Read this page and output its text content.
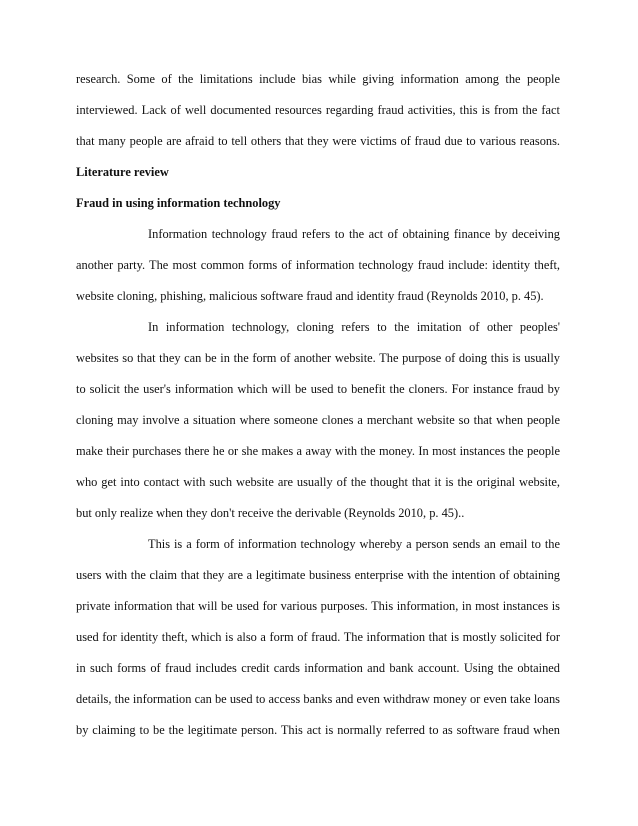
research. Some of the limitations include bias while giving information among the people

interviewed. Lack of well documented resources regarding fraud activities, this is from the fact

that many people are afraid to tell others that they were victims of fraud due to various reasons.

Literature review

Fraud in using information technology

Information technology fraud refers to the act of obtaining finance by deceiving

another party. The most common forms of information technology fraud include: identity theft,

website cloning, phishing, malicious software fraud and identity fraud (Reynolds 2010, p. 45).

In information technology, cloning refers to the imitation of other peoples'

websites so that they can be in the form of another website. The purpose of doing this is usually

to solicit the user's information which will be used to benefit the cloners. For instance fraud by

cloning may involve a situation where someone clones a merchant website so that when people

make their purchases there he or she makes a away with the money. In most instances the people

who get into contact with such website are usually of the thought that it is the original website,

but only realize when they don't receive the derivable (Reynolds 2010, p. 45)..

This is a form of information technology whereby a person sends an email to the

users with the claim that they are a legitimate business enterprise with the intention of obtaining

private information that will be used for various purposes. This information, in most instances is

used for identity theft, which is also a form of fraud. The information that is mostly solicited for

in such forms of fraud includes credit cards information and bank account. Using the obtained

details, the information can be used to access banks and even withdraw money or even take loans

by claiming to be the legitimate person. This act is normally referred to as software fraud when
